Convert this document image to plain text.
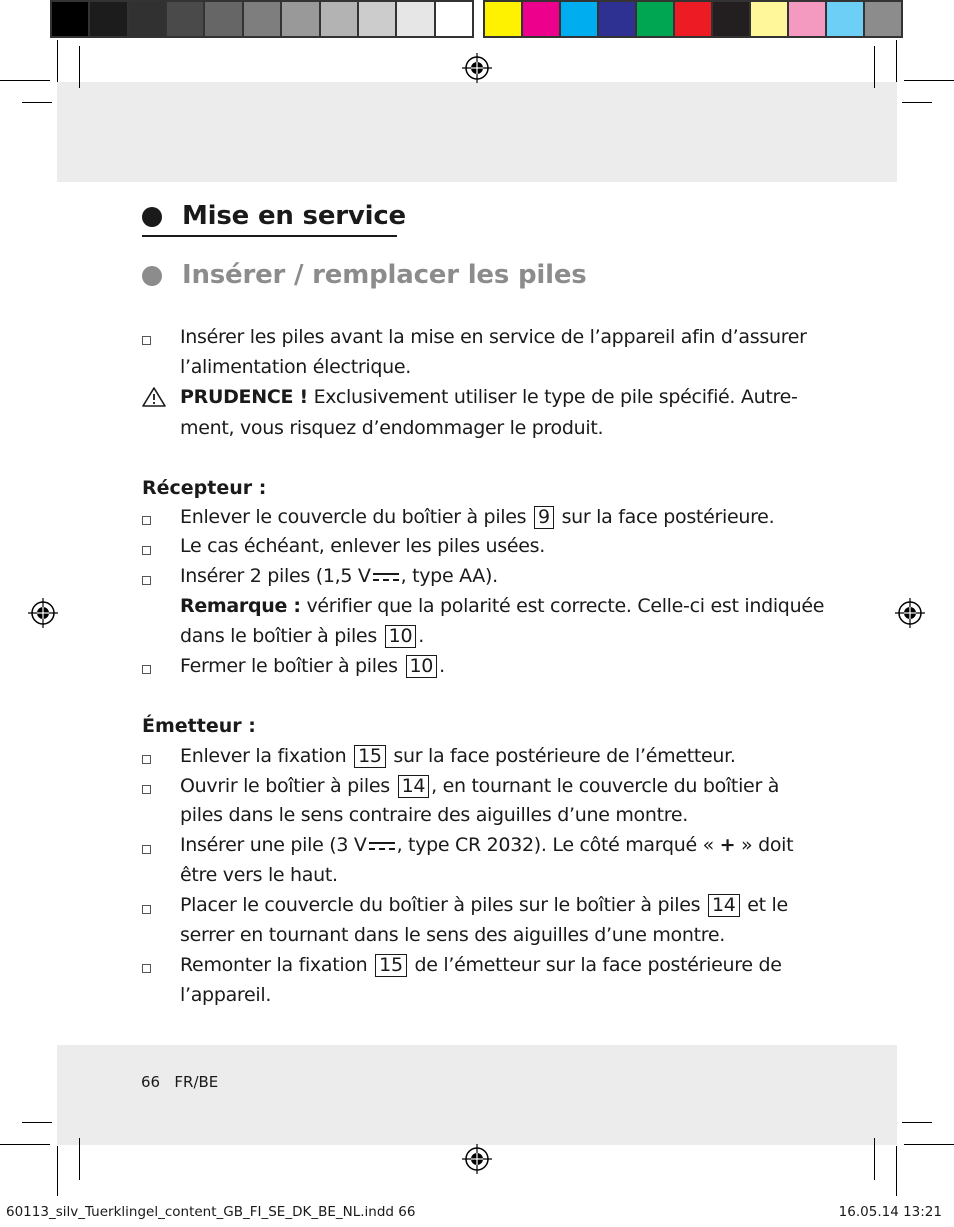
Mise en service
Insérer / remplacer les piles
Insérer les piles avant la mise en service de l’appareil afin d’assurer
l’alimentation électrique.
PRUDENCE ! Exclusivement utiliser le type de pile spécifié. Autre-
ment, vous risquez d’endommager le produit.
Récepteur :
Enlever le couvercle du boîtier à piles 9 sur la face postérieure.
Le cas échéant, enlever les piles usées.
Insérer 2 piles (1,5 V , type AA).
Remarque : vérifier que la polarité est correcte. Celle-ci est indiquée
dans le boîtier à piles 10 .
Fermer le boîtier à piles 10 .
Émetteur :
Enlever la fixation 15 sur la face postérieure de l’émetteur.
Ouvrir le boîtier à piles 14 , en tournant le couvercle du boîtier à
piles dans le sens contraire des aiguilles d’une montre.
Insérer une pile (3 V , type CR 2032). Le côté marqué « + » doit
être vers le haut.
Placer le couvercle du boîtier à piles sur le boîtier à piles 14 et le
serrer en tournant dans le sens des aiguilles d’une montre.
Remonter la fixation 15 de l’émetteur sur la face postérieure de
l’appareil.
66 FR/BE
60113_silv_Tuerklingel_content_GB_FI_SE_DK_BE_NL.indd 66	16.05.14 13:21
